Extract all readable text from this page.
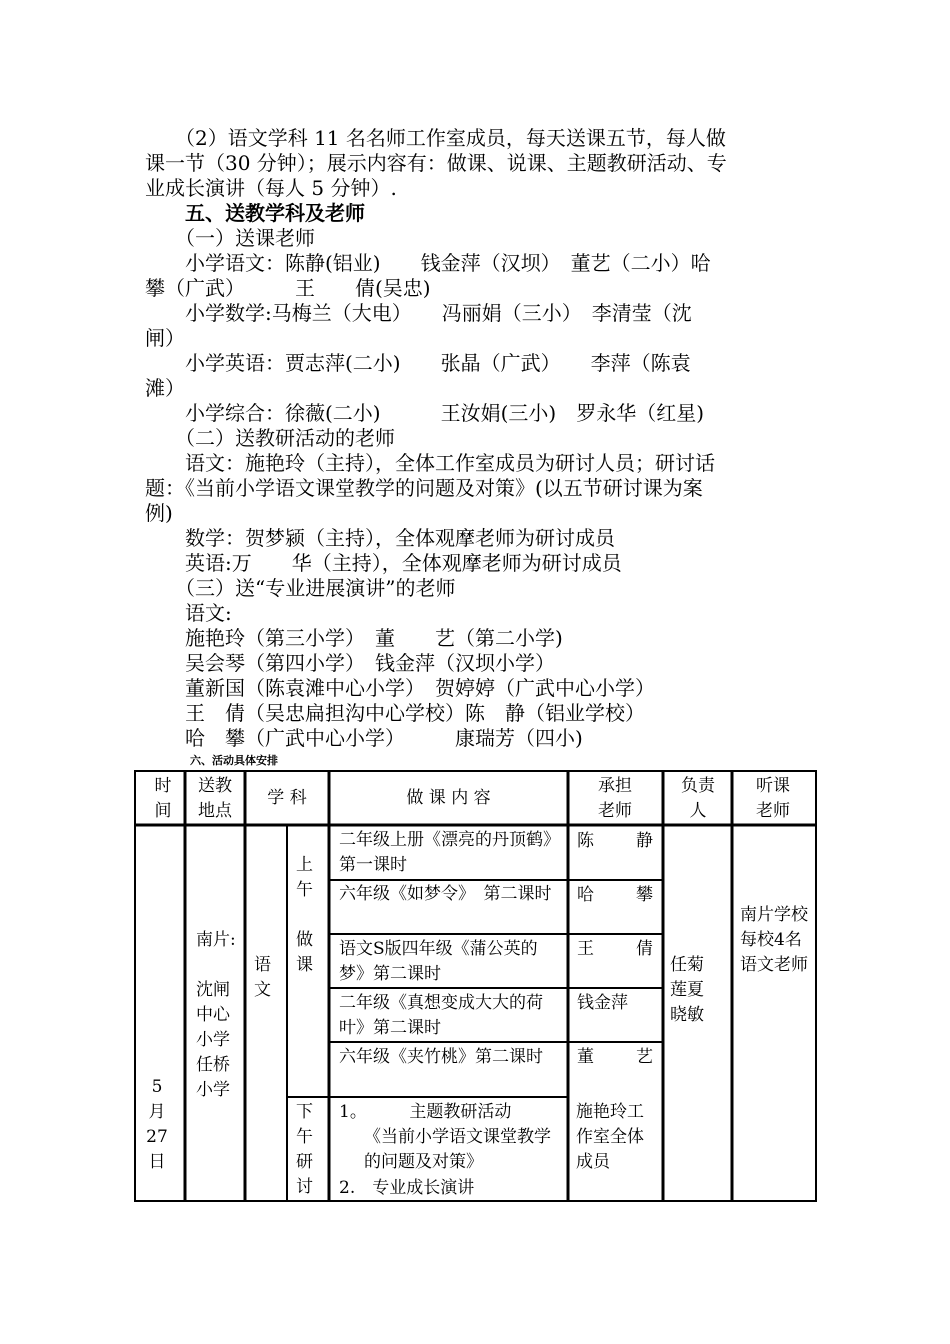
　　（2）语文学科 11 名名师工作室成员，每天送课五节，每人做

课一节（30 分钟）；展示内容有：做课、说课、主题教研活动、专

业成长演讲（每人 5 分钟）.

　　五、送教学科及老师

　　（一）送课老师

　　小学语文：陈静(铝业)　　钱金萍（汉坝）　董艺（二小）哈

攀（广武）　　　王　　倩(吴忠)

　　小学数学:马梅兰（大电）　　冯丽娟（三小）　李清莹（沈

闸）

　　小学英语：贾志萍(二小)　　张晶（广武）　　李萍（陈袁

滩）

　　小学综合：徐薇(二小)　　　王汝娟(三小)　罗永华（红星)

　　（二）送教研活动的老师

　　语文：施艳玲（主持），全体工作室成员为研讨人员；研讨话

题：《当前小学语文课堂教学的问题及对策》(以五节研讨课为案

例)

　　数学：贺梦颍（主持），全体观摩老师为研讨成员

　　英语:万　　华（主持），全体观摩老师为研讨成员

　　（三）送“专业进展演讲”的老师

　　语文:

　　施艳玲（第三小学）　董　　艺（第二小学)

　　吴会琴（第四小学）　钱金萍（汉坝小学）

　　董新国（陈袁滩中心小学）　贺婷婷（广武中心小学）

　　王　倩（吴忠扁担沟中心学校）陈　静（铝业学校）

　　哈　攀（广武中心小学）　　　康瑞芳（四小)

六、活动具体安排

时间
送教地点
学 科	做 课 内 容
承担老师
负责人
听课老师
5月27日
南片:

沈闸中心小学任桥小学
语文
上午

做课
下午研讨
二年级上册《漂亮的丹顶鹤》第一课时
六年级《如梦令》　第二课时
语文S版四年级《蒲公英的梦》第二课时
二年级《真想变成大大的荷叶》第二课时
六年级《夹竹桃》第二课时
陈　　静
哈　　攀
王　　倩
钱金萍
董　　艺
1。　　　主题教研活动
《当前小学语文课堂教学的问题及对策》
2.　专业成长演讲
施艳玲工作室全体成员
任菊莲夏晓敏
南片学校每校4名语文老师
